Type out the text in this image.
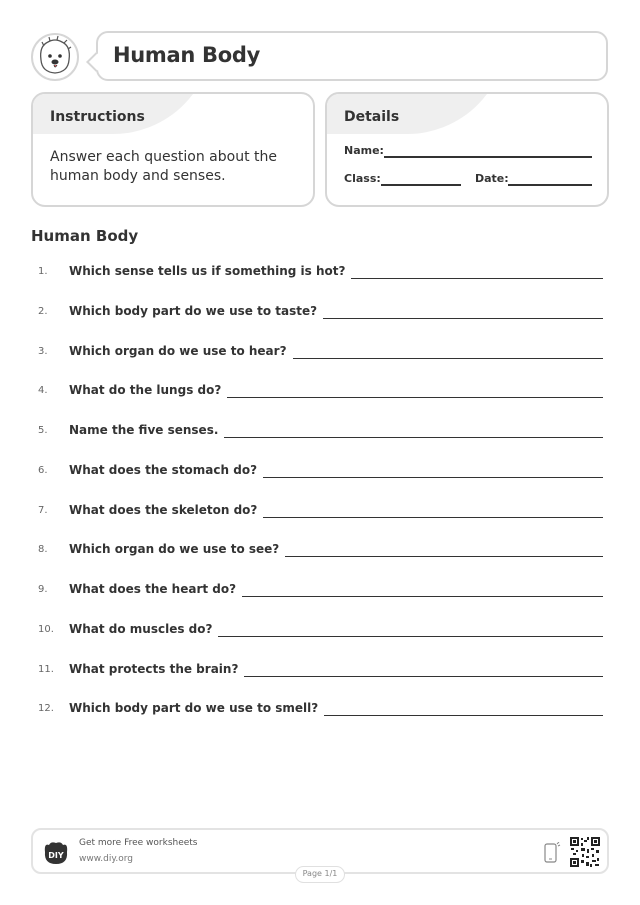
Human Body
Instructions
Answer each question about the human body and senses.
Details
Name:
Class:	Date:
Human Body
1.	Which sense tells us if something is hot?
2.	Which body part do we use to taste?
3.	Which organ do we use to hear?
4.	What do the lungs do?
5.	Name the five senses.
6.	What does the stomach do?
7.	What does the skeleton do?
8.	Which organ do we use to see?
9.	What does the heart do?
10.	What do muscles do?
11.	What protects the brain?
12.	Which body part do we use to smell?
DIY
Get more Free worksheets
www.diy.org
Page 1/1
